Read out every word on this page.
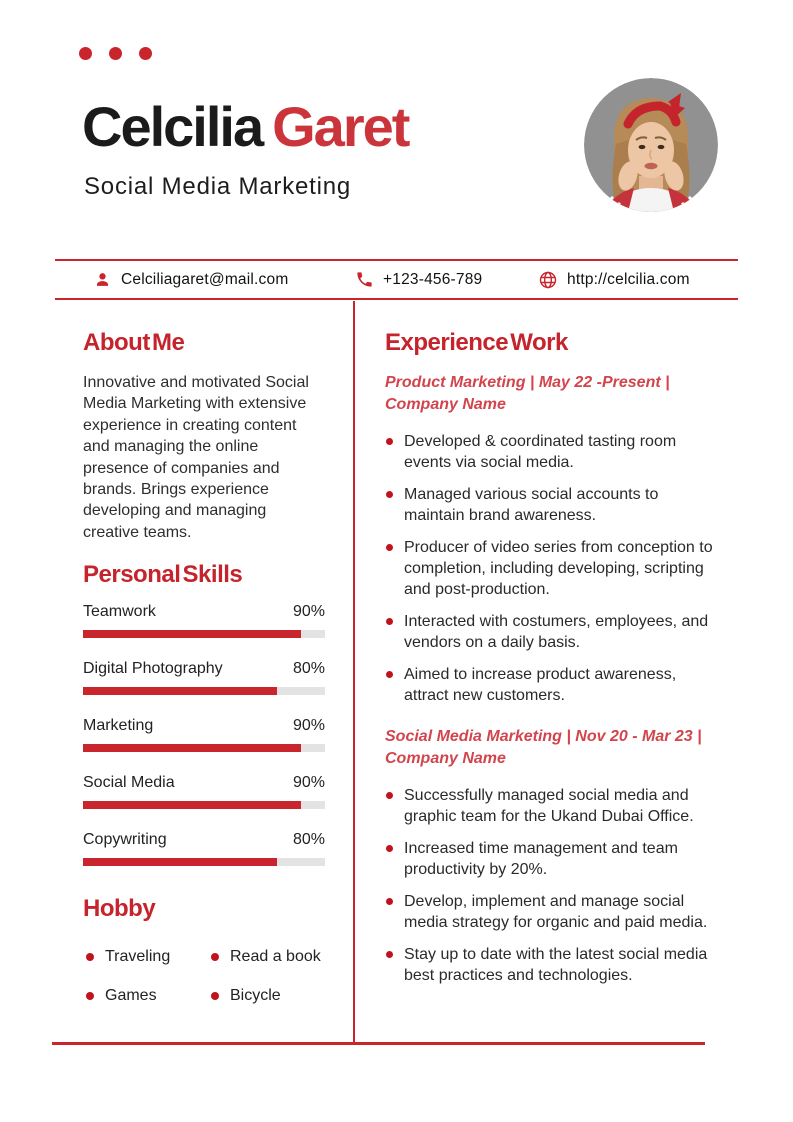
Celcilia Garet
Social Media Marketing
Celciliagaret@mail.com	+123-456-789	http://celcilia.com
About Me

Innovative and motivated Social Media Marketing with extensive experience in creating content and managing the online presence of companies and brands. Brings experience developing and managing creative teams.

Personal Skills
Teamwork	90%
Digital Photography	80%
Marketing	90%
Social Media	90%
Copywriting	80%
Hobby
Traveling	Read a book
Games	Bicycle
Experience Work
Product Marketing | May 22 -Present |
Company Name
Developed & coordinated tasting room events via social media.
Managed various social accounts to maintain brand awareness.
Producer of video series from conception to completion, including developing, scripting and post-production.
Interacted with costumers, employees, and vendors on a daily basis.
Aimed to increase product awareness, attract new customers.
Social Media Marketing | Nov 20 - Mar 23 |
Company Name
Successfully managed social media and graphic team for the Ukand Dubai Office.
Increased time management and team productivity by 20%.
Develop, implement and manage social media strategy for organic and paid media.
Stay up to date with the latest social media best practices and technologies.
